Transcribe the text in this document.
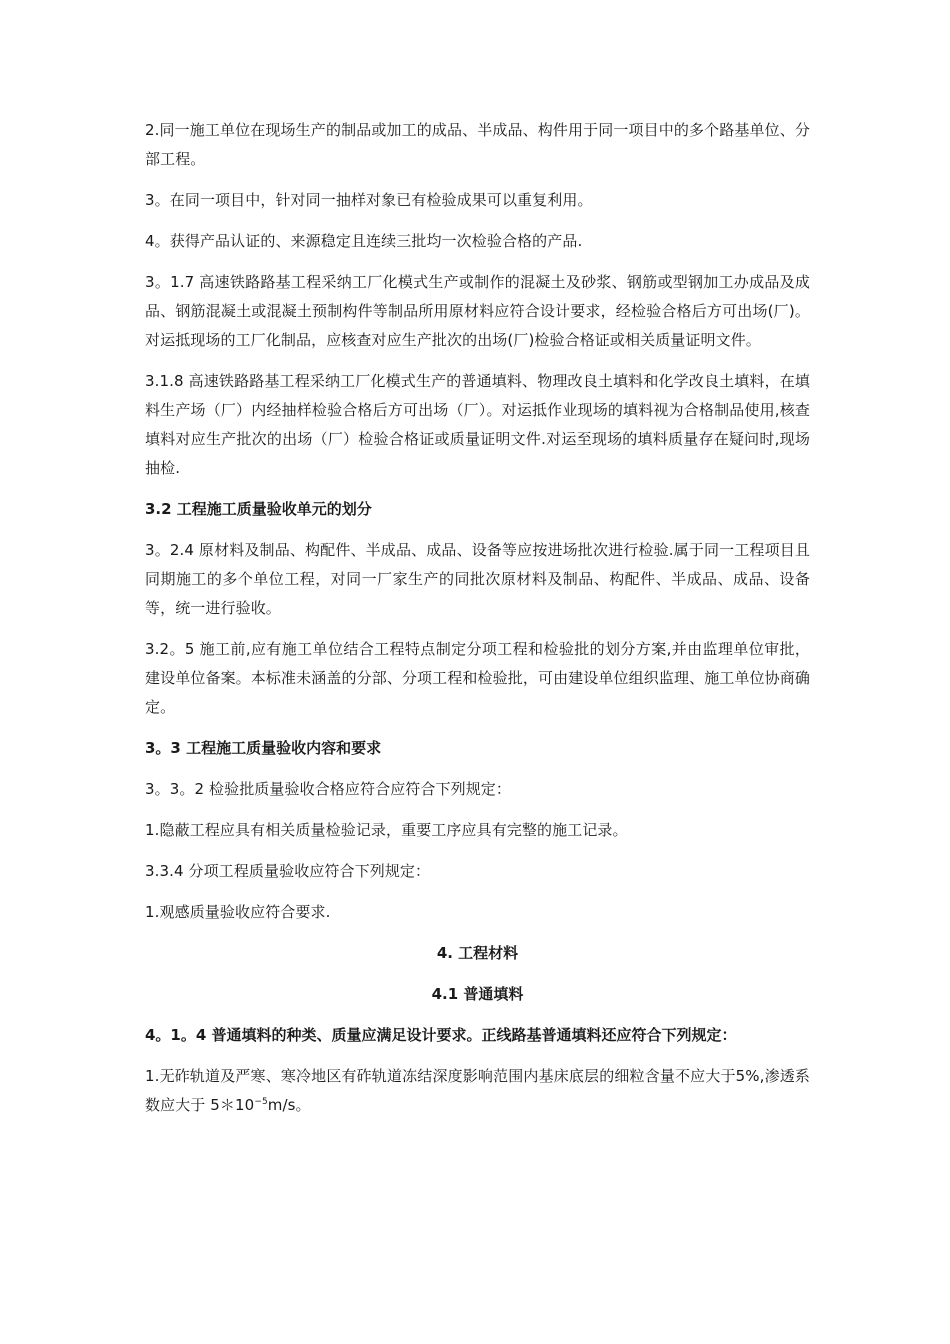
2.同一施工单位在现场生产的制品或加工的成品、半成品、构件用于同一项目中的多个路基单位、分部工程。

3。在同一项目中，针对同一抽样对象已有检验成果可以重复利用。

4。获得产品认证的、来源稳定且连续三批均一次检验合格的产品.

3。1.7 高速铁路路基工程采纳工厂化模式生产或制作的混凝土及砂浆、钢筋或型钢加工办成品及成品、钢筋混凝土或混凝土预制构件等制品所用原材料应符合设计要求，经检验合格后方可出场(厂)。对运抵现场的工厂化制品，应核查对应生产批次的出场(厂)检验合格证或相关质量证明文件。

3.1.8 高速铁路路基工程采纳工厂化模式生产的普通填料、物理改良土填料和化学改良土填料，在填料生产场（厂）内经抽样检验合格后方可出场（厂）。对运抵作业现场的填料视为合格制品使用,核查填料对应生产批次的出场（厂）检验合格证或质量证明文件.对运至现场的填料质量存在疑问时,现场抽检.

3.2 工程施工质量验收单元的划分

3。2.4 原材料及制品、构配件、半成品、成品、设备等应按进场批次进行检验.属于同一工程项目且同期施工的多个单位工程，对同一厂家生产的同批次原材料及制品、构配件、半成品、成品、设备等，统一进行验收。

3.2。5 施工前,应有施工单位结合工程特点制定分项工程和检验批的划分方案,并由监理单位审批，建设单位备案。本标准未涵盖的分部、分项工程和检验批，可由建设单位组织监理、施工单位协商确定。

3。3 工程施工质量验收内容和要求

3。3。2 检验批质量验收合格应符合应符合下列规定：

1.隐蔽工程应具有相关质量检验记录，重要工序应具有完整的施工记录。

3.3.4 分项工程质量验收应符合下列规定：

1.观感质量验收应符合要求.

4. 工程材料

4.1 普通填料

4。1。4 普通填料的种类、质量应满足设计要求。正线路基普通填料还应符合下列规定：

1.无砟轨道及严寒、寒冷地区有砟轨道冻结深度影响范围内基床底层的细粒含量不应大于5%,渗透系数应大于 $5*10^{-5}m/s$。
